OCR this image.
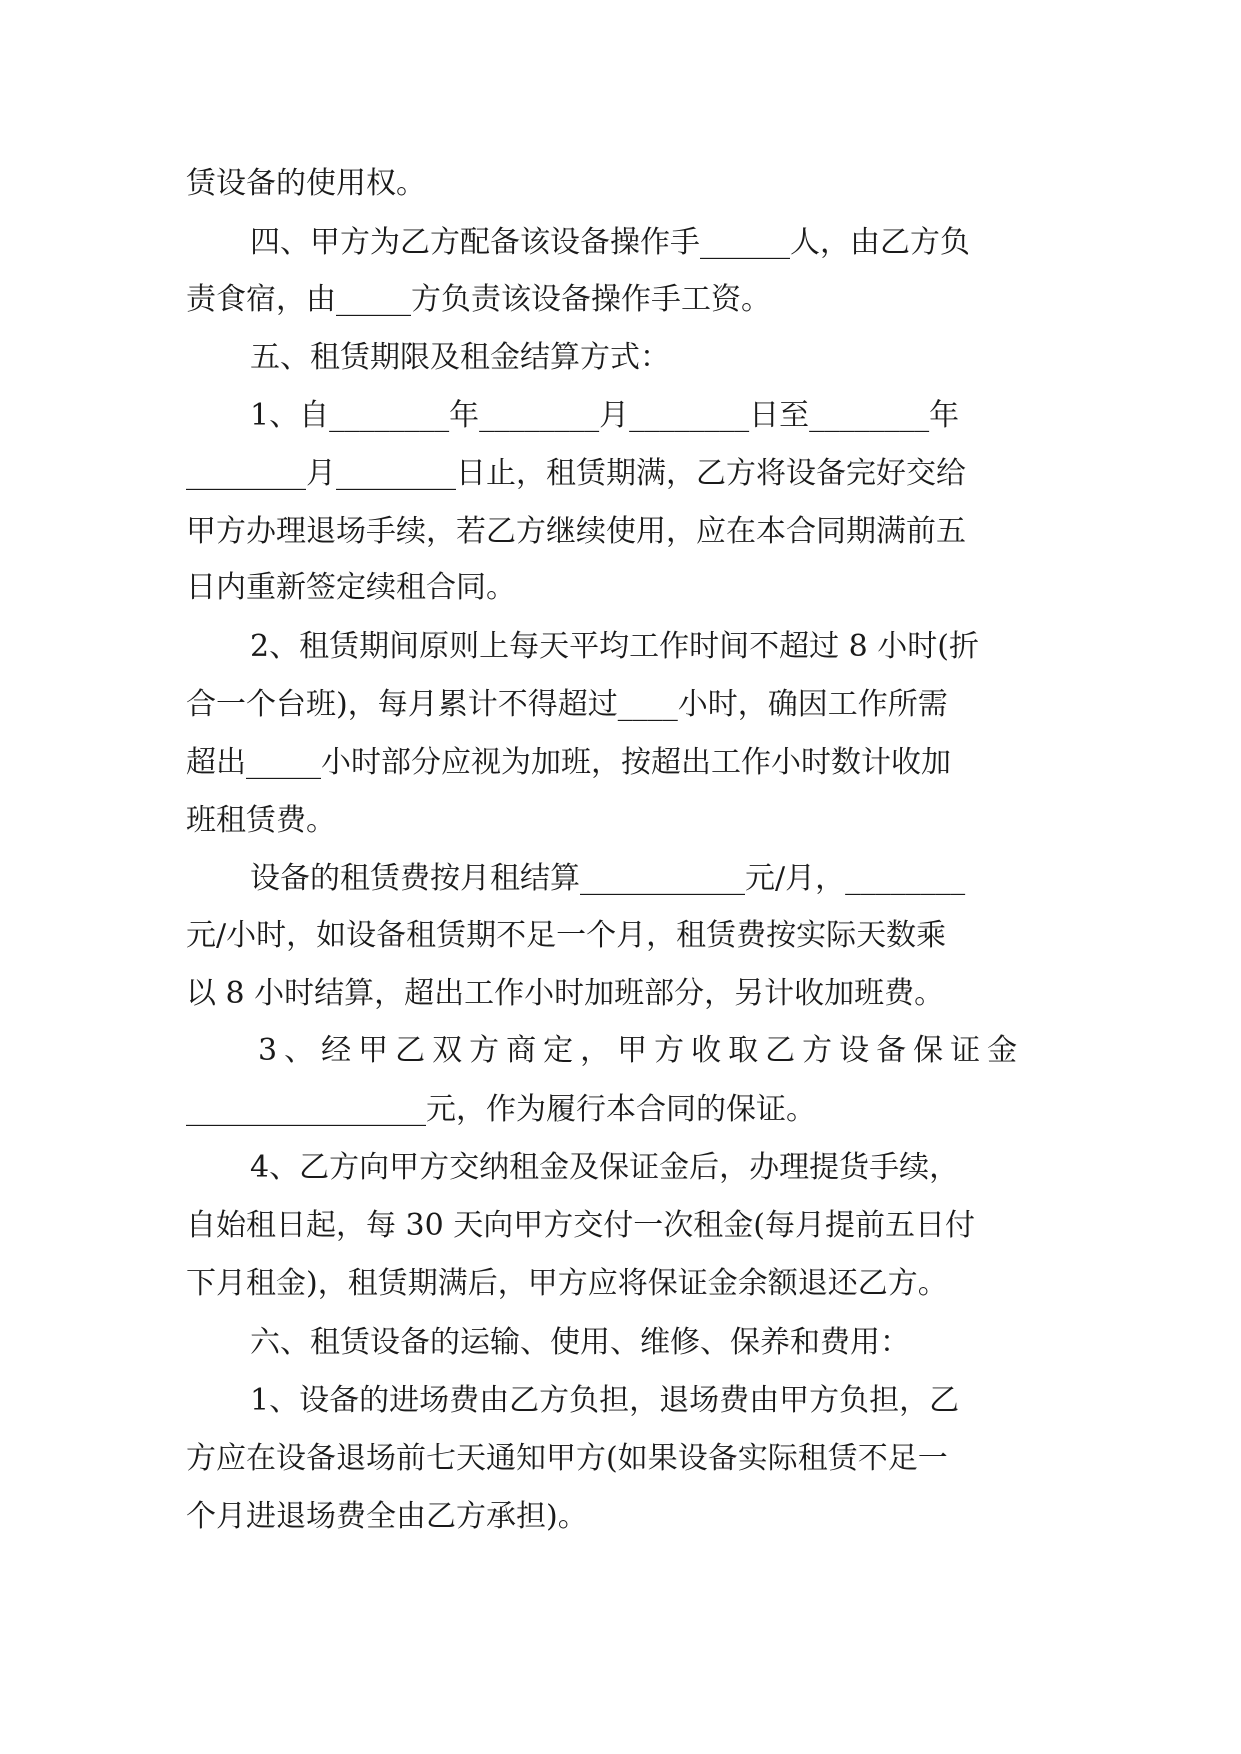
赁设备的使用权。
四、甲方为乙方配备该设备操作手______人，由乙方负
责食宿，由_____方负责该设备操作手工资。
五、租赁期限及租金结算方式：
1、自________年________月________日至________年
________月________日止，租赁期满，乙方将设备完好交给
甲方办理退场手续，若乙方继续使用，应在本合同期满前五
日内重新签定续租合同。
2、租赁期间原则上每天平均工作时间不超过 8 小时(折
合一个台班)，每月累计不得超过____小时，确因工作所需
超出_____小时部分应视为加班，按超出工作小时数计收加
班租赁费。
设备的租赁费按月租结算___________元/月，________
元/小时，如设备租赁期不足一个月，租赁费按实际天数乘
以 8 小时结算，超出工作小时加班部分，另计收加班费。
3、经甲乙双方商定，甲方收取乙方设备保证金
________________元，作为履行本合同的保证。
4、乙方向甲方交纳租金及保证金后，办理提货手续，
自始租日起，每 30 天向甲方交付一次租金(每月提前五日付
下月租金)，租赁期满后，甲方应将保证金余额退还乙方。
六、租赁设备的运输、使用、维修、保养和费用：
1、设备的进场费由乙方负担，退场费由甲方负担，乙
方应在设备退场前七天通知甲方(如果设备实际租赁不足一
个月进退场费全由乙方承担)。
